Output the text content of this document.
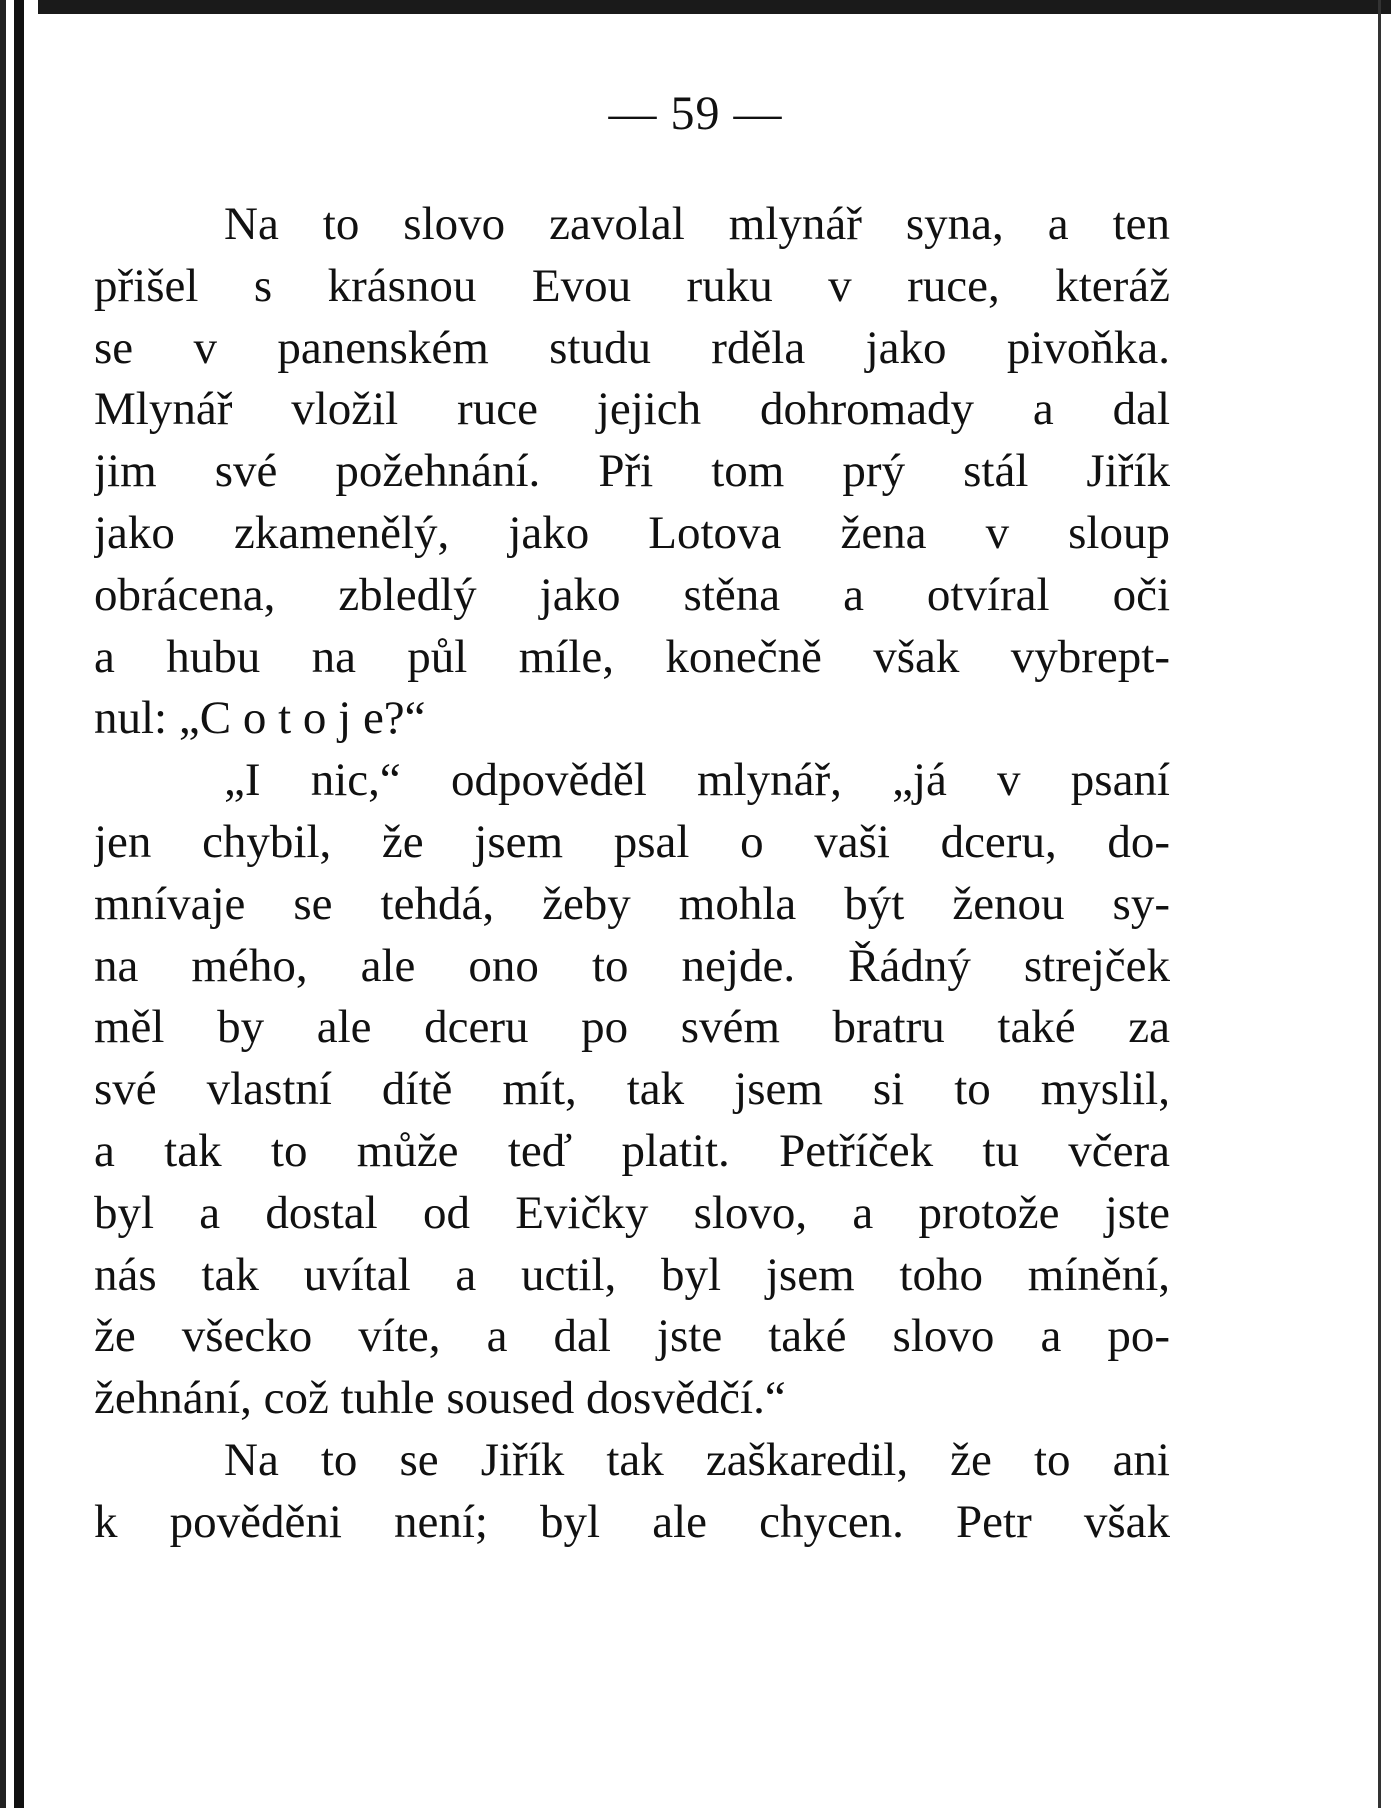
— 59 —
Na to slovo zavolal mlynář syna, a ten
přišel s krásnou Evou ruku v ruce, kteráž
se v panenském studu rděla jako pivoňka.
Mlynář vložil ruce jejich dohromady a dal
jim své požehnání. Při tom prý stál Jiřík
jako zkamenělý, jako Lotova žena v sloup
obrácena, zbledlý jako stěna a otvíral oči
a hubu na půl míle, konečně však vybrept-
nul: „C o t o j e?“
„I nic,“ odpověděl mlynář, „já v psaní
jen chybil, že jsem psal o vaši dceru, do-
mnívaje se tehdá, žeby mohla být ženou sy-
na mého, ale ono to nejde. Řádný strejček
měl by ale dceru po svém bratru také za
své vlastní dítě mít, tak jsem si to myslil,
a tak to může teď platit. Petříček tu včera
byl a dostal od Evičky slovo, a protože jste
nás tak uvítal a uctil, byl jsem toho mínění,
že všecko víte, a dal jste také slovo a po-
žehnání, což tuhle soused dosvědčí.“
Na to se Jiřík tak zaškaredil, že to ani
k pověděni není; byl ale chycen. Petr však
